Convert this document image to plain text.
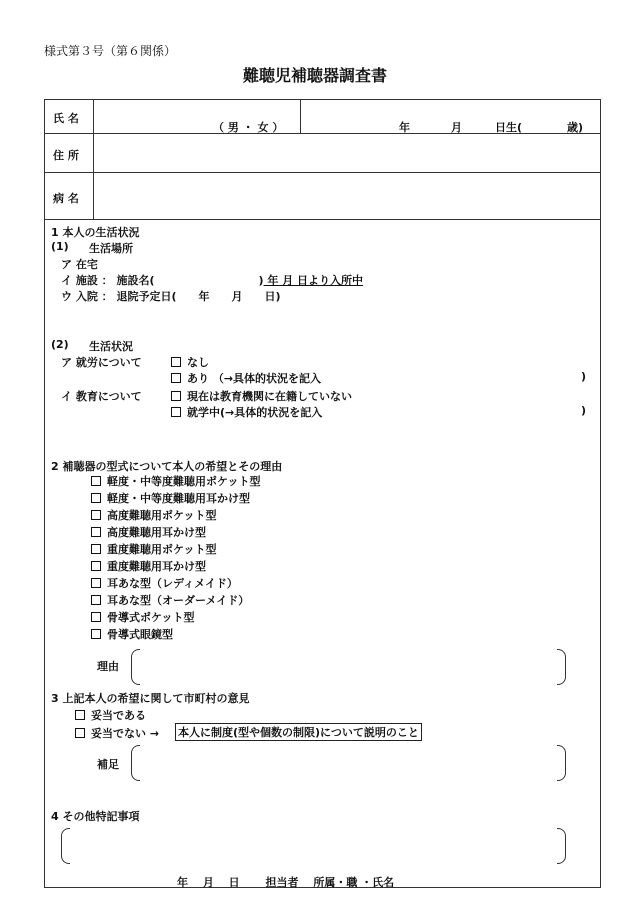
様式第３号（第６関係）
難聴児補聴器調査書
氏 名
（ 男 ・ 女 ）	年	月	日生(	歳)
住 所
病 名
1 本人の生活状況
(1) 生活場所
ア 在宅
イ 施設 ： 施設名(	) 年 月 日より入所中
ウ 入院 ： 退院予定日(　　年　　月　　日)
(2) 生活状況
ア 就労について	なし
あり （→具体的状況を記入	)
イ 教育について	現在は教育機関に在籍していない
就学中(→具体的状況を記入	)
2 補聴器の型式について本人の希望とその理由
軽度・中等度難聴用ポケット型
軽度・中等度難聴用耳かけ型
高度難聴用ポケット型
高度難聴用耳かけ型
重度難聴用ポケット型
重度難聴用耳かけ型
耳あな型（レディメイド）
耳あな型（オーダーメイド）
骨導式ポケット型
骨導式眼鏡型
理由
3 上記本人の希望に関して市町村の意見
妥当である
妥当でない → 本人に制度(型や個数の制限)について説明のこと
補足
4 その他特記事項
年 　月 　日 　　担当者 　所属・職 ・氏名
